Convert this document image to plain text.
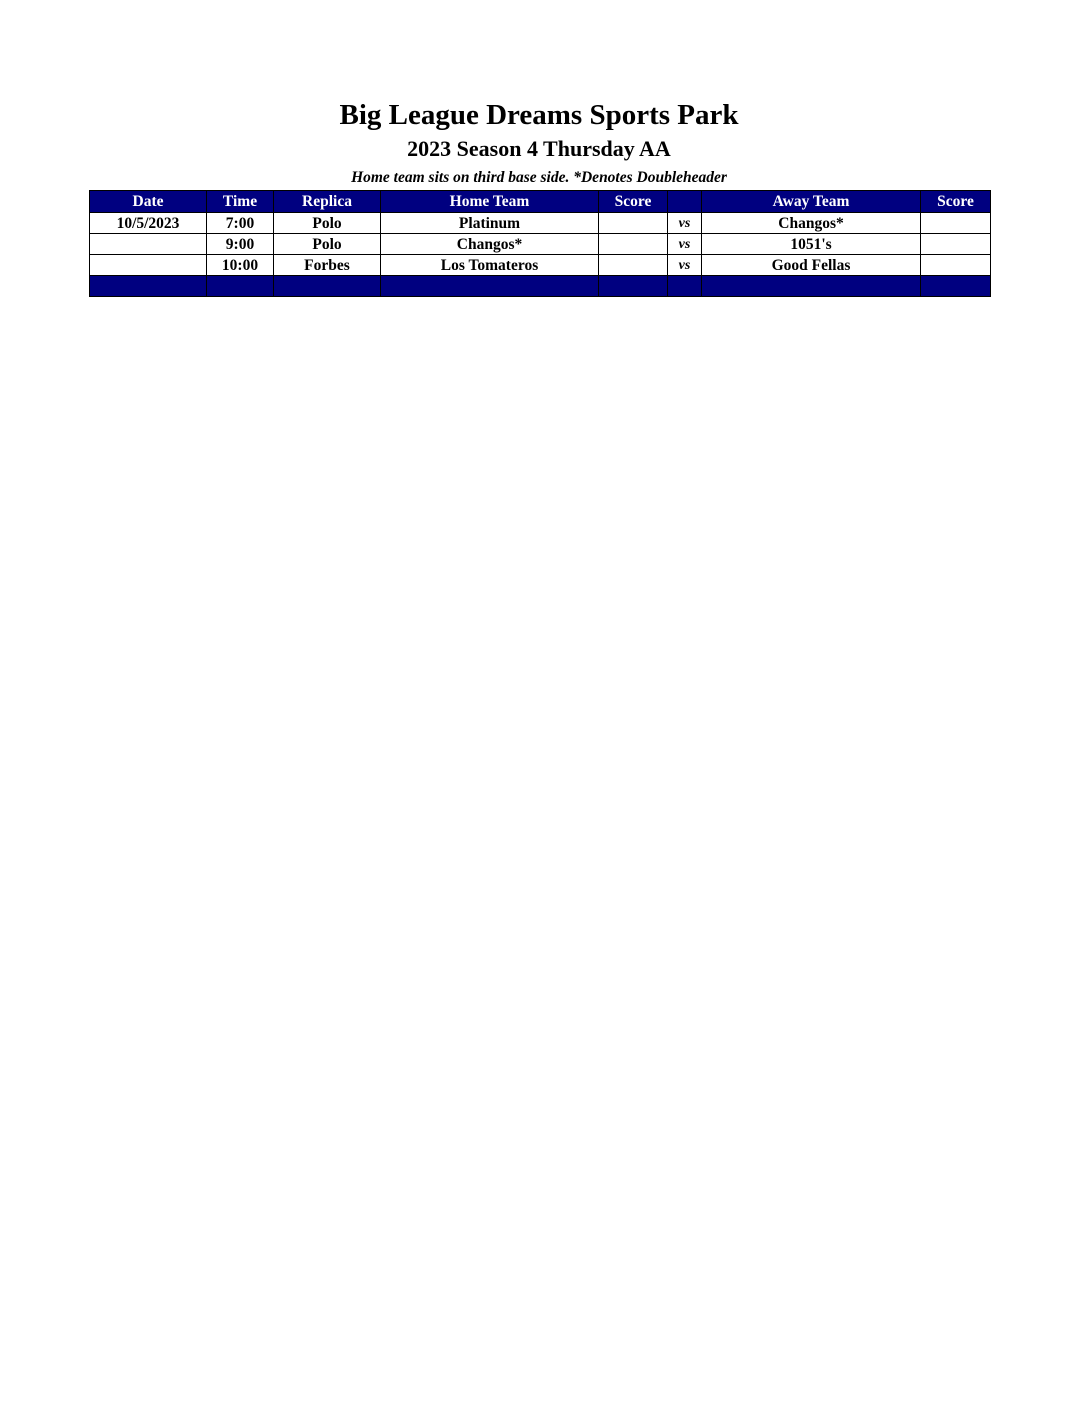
Big League Dreams Sports Park
2023 Season 4 Thursday AA
Home team sits on third base side. *Denotes Doubleheader
Date	Time	Replica	Home Team	Score		Away Team	Score
10/5/2023	7:00	Polo	Platinum		vs	Changos*	
	9:00	Polo	Changos*		vs	1051's	
	10:00	Forbes	Los Tomateros		vs	Good Fellas	
